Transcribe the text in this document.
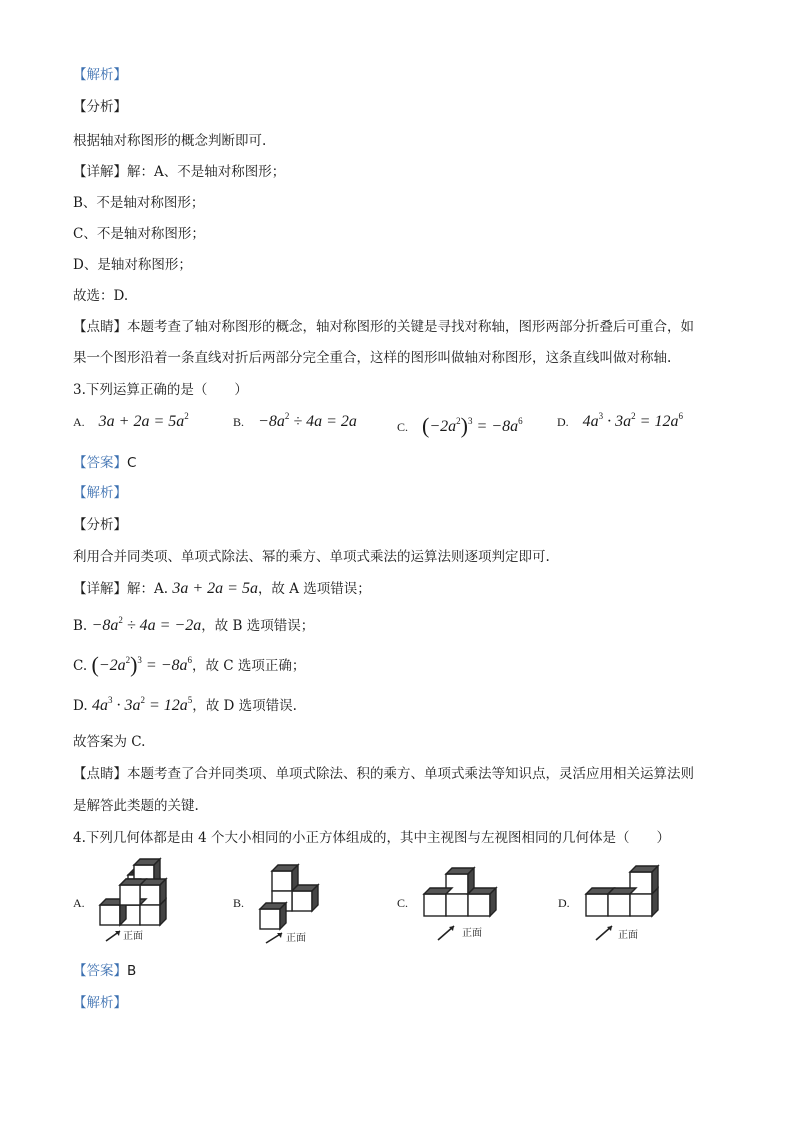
【解析】
【分析】
根据轴对称图形的概念判断即可.
【详解】解：A、不是轴对称图形；
B、不是轴对称图形；
C、不是轴对称图形；
D、是轴对称图形；
故选：D.
【点睛】本题考查了轴对称图形的概念，轴对称图形的关键是寻找对称轴，图形两部分折叠后可重合，如
果一个图形沿着一条直线对折后两部分完全重合，这样的图形叫做轴对称图形，这条直线叫做对称轴.
3.下列运算正确的是（　　）
A. $3a + 2a = 5a^2$	B. $-8a^2 \div 4a = 2a$	C. $(-2a^2)^3 = -8a^6$	D. $4a^3 \cdot 3a^2 = 12a^6$
【答案】C
【解析】
【分析】
利用合并同类项、单项式除法、幂的乘方、单项式乘法的运算法则逐项判定即可.
【详解】解：A. 3a + 2a = 5a，故 A 选项错误；
B. $-8a^2 \div 4a = -2a$，故 B 选项错误；
C. $(-2a^2)^3 = -8a^6$，故 C 选项正确；
D. $4a^3 \cdot 3a^2 = 12a^5$，故 D 选项错误.
故答案为 C.
【点睛】本题考查了合并同类项、单项式除法、积的乘方、单项式乘法等知识点，灵活应用相关运算法则
是解答此类题的关键.
4.下列几何体都是由 4 个大小相同的小正方体组成的，其中主视图与左视图相同的几何体是（　　）
A.
正面
B.
正面
C.
正面
D.
正面
【答案】B
【解析】
